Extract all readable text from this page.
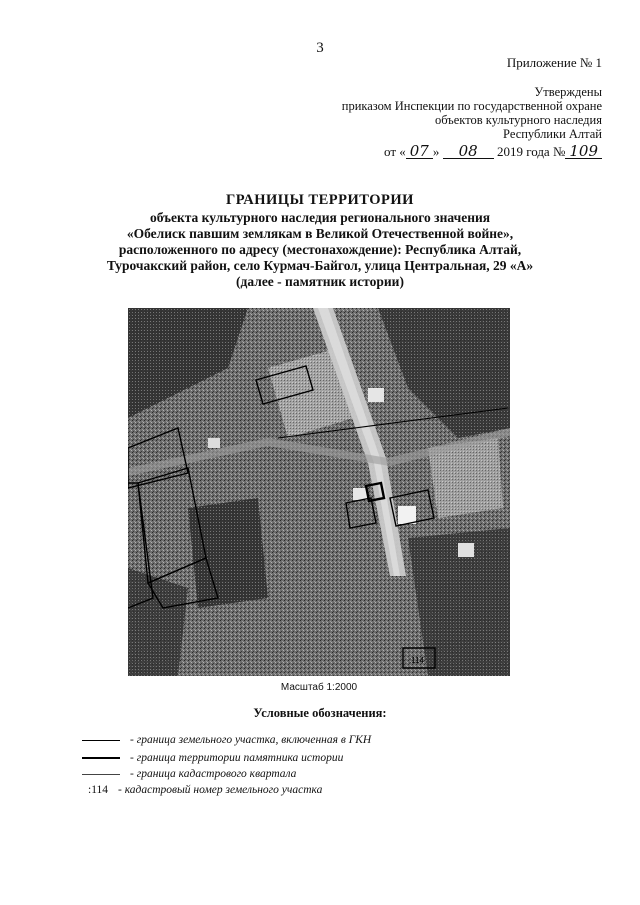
3
Приложение № 1
Утверждены
приказом Инспекции по государственной охране
объектов культурного наследия
Республики Алтай
от « 07 » 08 2019 года № 109
ГРАНИЦЫ ТЕРРИТОРИИ
объекта культурного наследия регионального значения
«Обелиск павшим землякам в Великой Отечественной войне»,
расположенного по адресу (местонахождение): Республика Алтай,
Турочакский район, село Курмач-Байгол, улица Центральная, 29 «А»
(далее - памятник истории)
:114
Масштаб 1:2000
Условные обозначения:
- граница земельного участка, включенная в ГКН
- граница территории памятника истории
- граница кадастрового квартала
:114 - кадастровый номер земельного участка
